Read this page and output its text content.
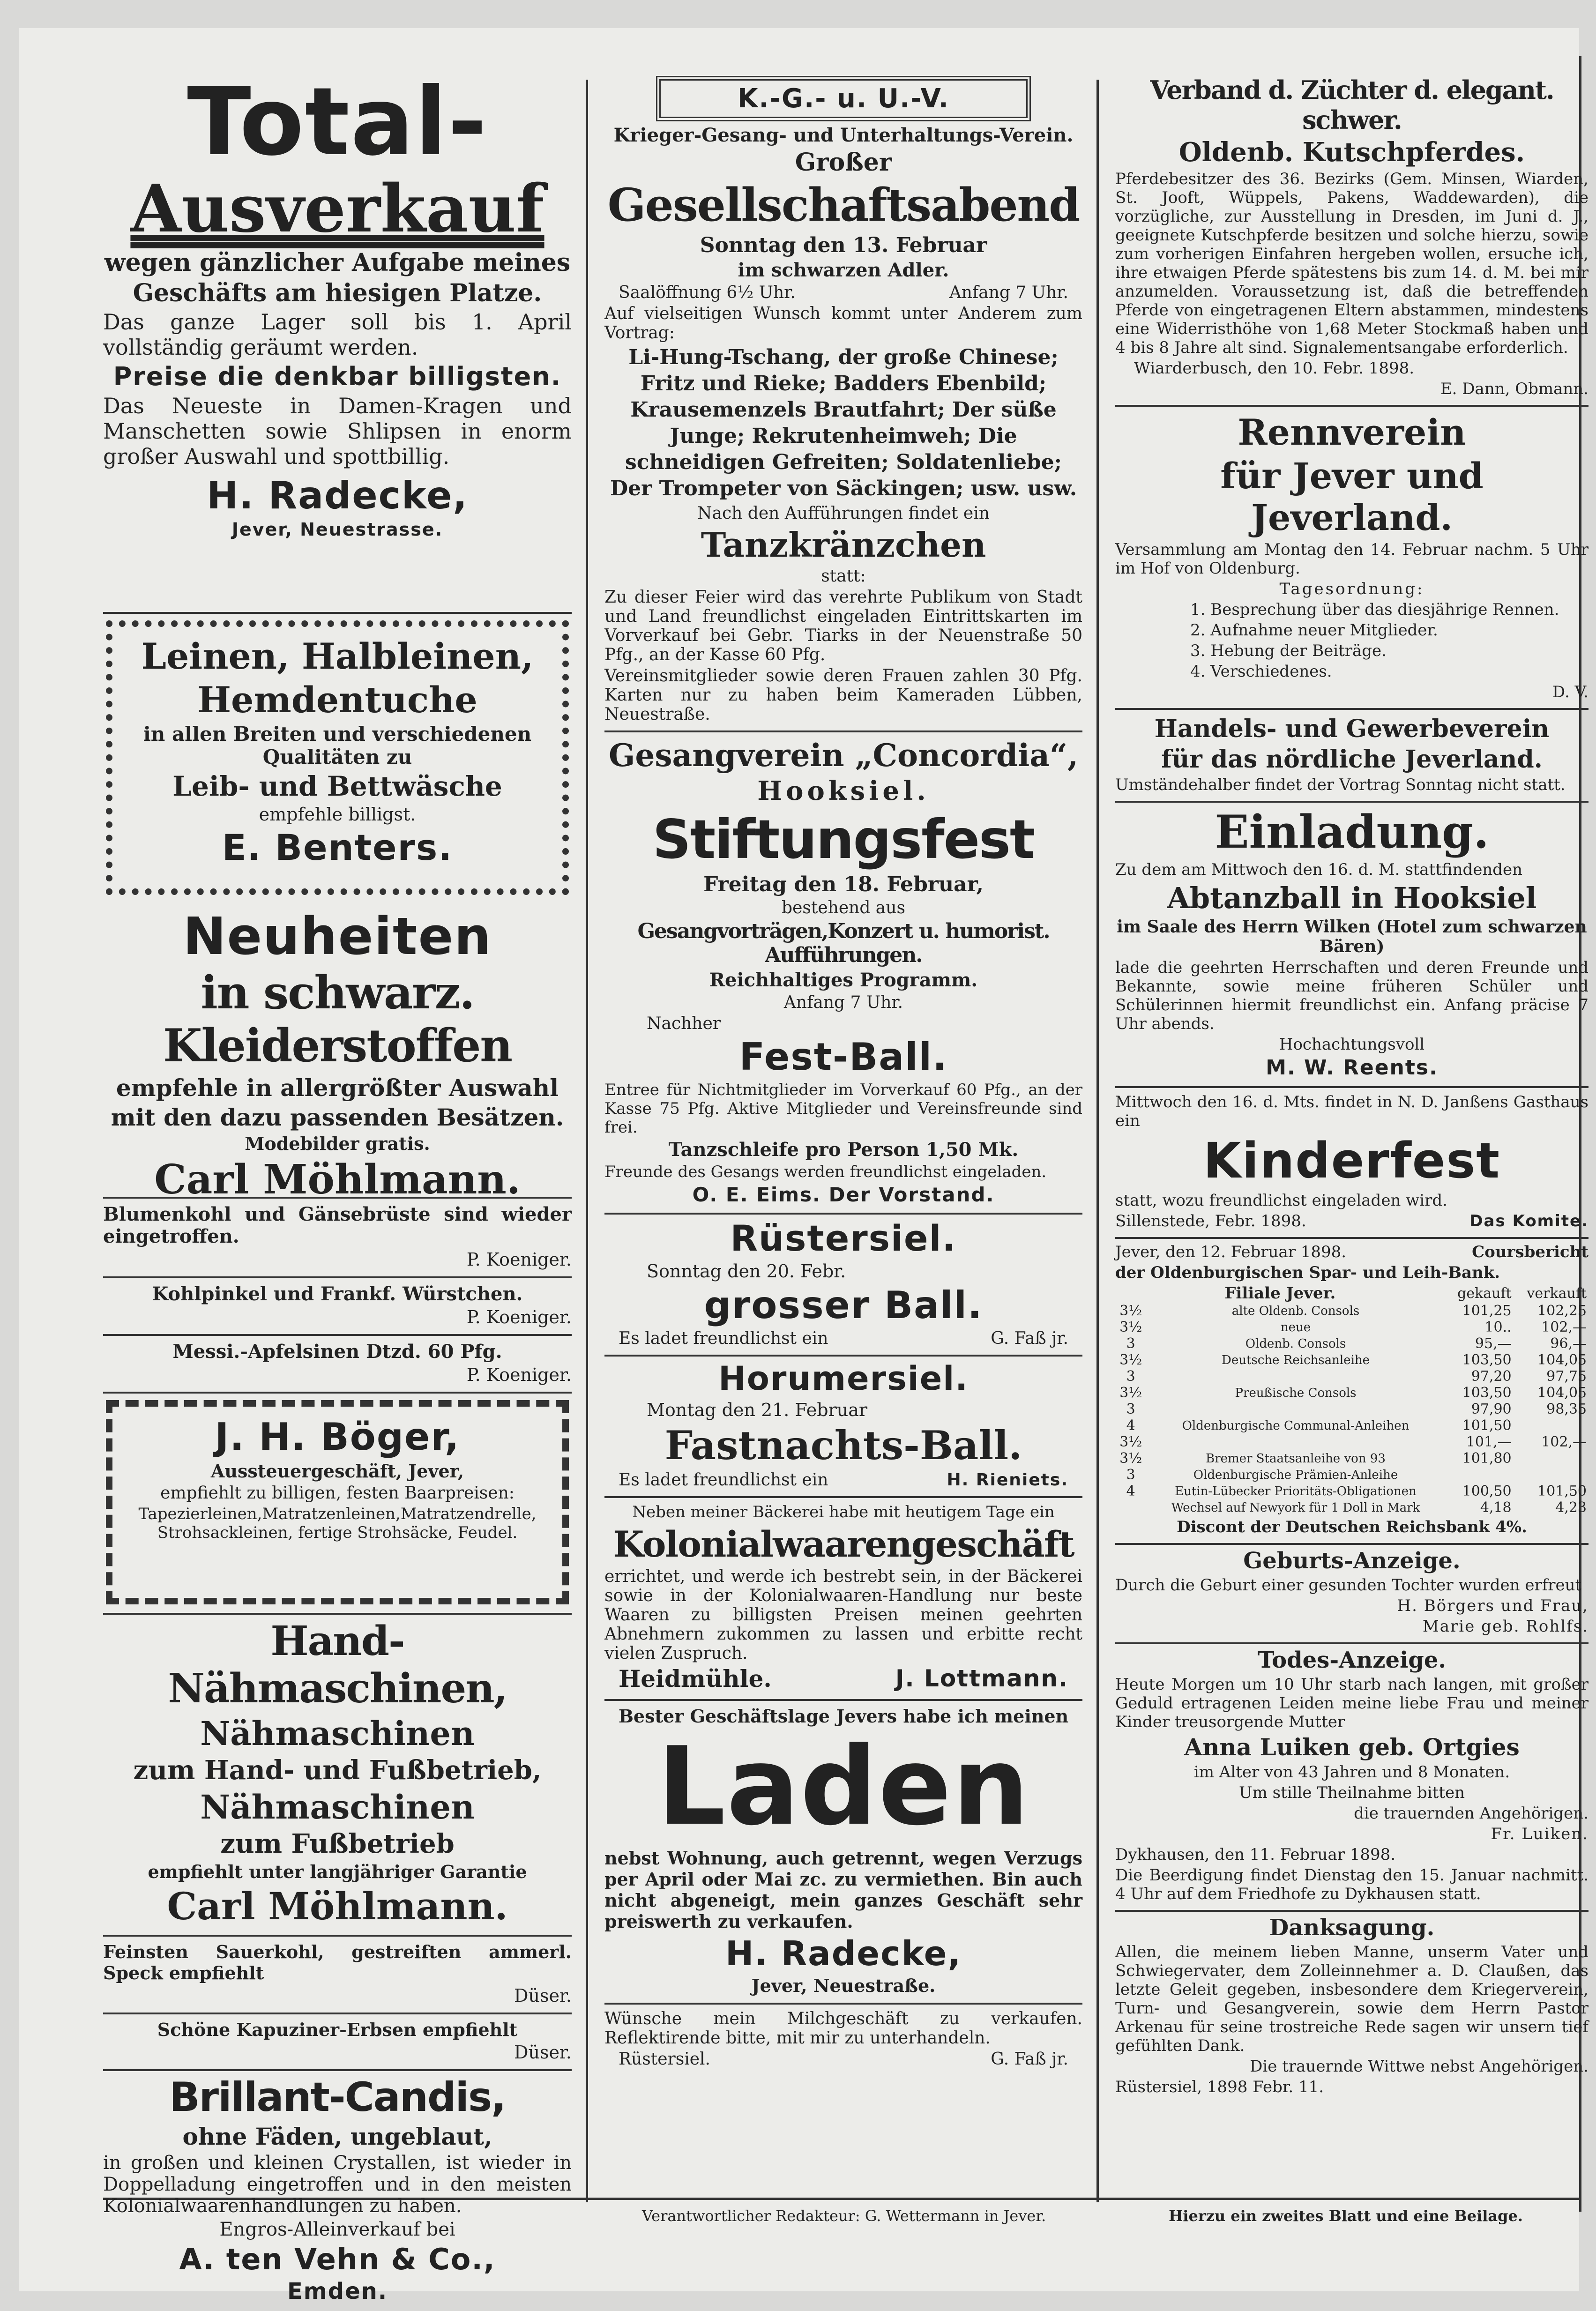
Total-
Ausverkauf

wegen gänzlicher Aufgabe meines

Geschäfts am hiesigen Platze.

Das ganze Lager soll bis 1. April vollständig geräumt werden.

Preise die denkbar billigsten.

Das Neueste in Damen-Kragen und Manschetten sowie Shlipsen in enorm großer Auswahl und spottbillig.

H. Radecke,

Jever, Neuestrasse.

Leinen, Halbleinen,

Hemdentuche

in allen Breiten und verschiedenen Qualitäten zu

Leib- und Bettwäsche

empfehle billigst.

E. Benters.

Neuheiten
in schwarz. Kleiderstoffen

empfehle in allergrößter Auswahl

mit den dazu passenden Besätzen.

Modebilder gratis.

Carl Möhlmann.

Blumenkohl und Gänsebrüste sind wieder eingetroffen.

P. Koeniger.

Kohlpinkel und Frankf. Würstchen.

P. Koeniger.

Messi.-Apfelsinen Dtzd. 60 Pfg.

P. Koeniger.

J. H. Böger,

Aussteuergeschäft, Jever,

empfiehlt zu billigen, festen Baarpreisen:

Tapezierleinen,Matratzenleinen,Matratzendrelle, Strohsackleinen, fertige Strohsäcke, Feudel.

Hand-Nähmaschinen,

Nähmaschinen

zum Hand- und Fußbetrieb,

Nähmaschinen

zum Fußbetrieb

empfiehlt unter langjähriger Garantie

Carl Möhlmann.

Feinsten Sauerkohl, gestreiften ammerl. Speck empfiehlt

Düser.

Schöne Kapuziner-Erbsen empfiehlt

Düser.

Brillant-Candis,

ohne Fäden, ungeblaut,

in großen und kleinen Crystallen, ist wieder in Doppelladung eingetroffen und in den meisten Kolonialwaarenhandlungen zu haben.

Engros-Alleinverkauf bei

A. ten Vehn & Co.,

Emden.

K.-G.- u. U.-V.

Krieger-Gesang- und Unterhaltungs-Verein.

Großer

Gesellschaftsabend

Sonntag den 13. Februar

im schwarzen Adler.

Saalöffnung 6½ Uhr.	Anfang 7 Uhr.

Auf vielseitigen Wunsch kommt unter Anderem zum Vortrag:

Li-Hung-Tschang, der große Chinese; Fritz und Rieke; Badders Ebenbild; Krausemenzels Brautfahrt; Der süße Junge; Rekrutenheimweh; Die schneidigen Gefreiten; Soldatenliebe; Der Trompeter von Säckingen; usw. usw.

Nach den Aufführungen findet ein

Tanzkränzchen

statt:

Zu dieser Feier wird das verehrte Publikum von Stadt und Land freundlichst eingeladen Eintrittskarten im Vorverkauf bei Gebr. Tiarks in der Neuenstraße 50 Pfg., an der Kasse 60 Pfg.

Vereinsmitglieder sowie deren Frauen zahlen 30 Pfg. Karten nur zu haben beim Kameraden Lübben, Neuestraße.

Gesangverein „Concordia“,

Hooksiel.

Stiftungsfest

Freitag den 18. Februar,

bestehend aus

Gesangvorträgen,Konzert u. humorist. Aufführungen.

Reichhaltiges Programm.

Anfang 7 Uhr.

Nachher

Fest-Ball.

Entree für Nichtmitglieder im Vorverkauf 60 Pfg., an der Kasse 75 Pfg. Aktive Mitglieder und Vereinsfreunde sind frei.

Tanzschleife pro Person 1,50 Mk.

Freunde des Gesangs werden freundlichst eingeladen.

O. E. Eims. Der Vorstand.

Rüstersiel.

Sonntag den 20. Febr.

grosser Ball.

Es ladet freundlichst ein	G. Faß jr.

Horumersiel.

Montag den 21. Februar

Fastnachts-Ball.

Es ladet freundlichst ein	H. Rieniets.

Neben meiner Bäckerei habe mit heutigem Tage ein

Kolonialwaarengeschäft

errichtet, und werde ich bestrebt sein, in der Bäckerei sowie in der Kolonialwaaren-Handlung nur beste Waaren zu billigsten Preisen meinen geehrten Abnehmern zukommen zu lassen und erbitte recht vielen Zuspruch.

Heidmühle.	J. Lottmann.

Bester Geschäftslage Jevers habe ich meinen

Laden

nebst Wohnung, auch getrennt, wegen Verzugs per April oder Mai zc. zu vermiethen. Bin auch nicht abgeneigt, mein ganzes Geschäft sehr preiswerth zu verkaufen.

H. Radecke,

Jever, Neuestraße.

Wünsche mein Milchgeschäft zu verkaufen. Reflektirende bitte, mit mir zu unterhandeln.

Rüstersiel.	G. Faß jr.

Verband d. Züchter d. elegant. schwer.

Oldenb. Kutschpferdes.

Pferdebesitzer des 36. Bezirks (Gem. Minsen, Wiarden, St. Jooft, Wüppels, Pakens, Waddewarden), die vorzügliche, zur Ausstellung in Dresden, im Juni d. J., geeignete Kutschpferde besitzen und solche hierzu, sowie zum vorherigen Einfahren hergeben wollen, ersuche ich, ihre etwaigen Pferde spätestens bis zum 14. d. M. bei mir anzumelden. Voraussetzung ist, daß die betreffenden Pferde von eingetragenen Eltern abstammen, mindestens eine Widerristhöhe von 1,68 Meter Stockmaß haben und 4 bis 8 Jahre alt sind. Signalementsangabe erforderlich.

Wiarderbusch, den 10. Febr. 1898.

E. Dann, Obmann.

Rennverein

für Jever und Jeverland.

Versammlung am Montag den 14. Februar nachm. 5 Uhr im Hof von Oldenburg.

Tagesordnung:

1. Besprechung über das diesjährige Rennen.

2. Aufnahme neuer Mitglieder.

3. Hebung der Beiträge.

4. Verschiedenes.

D. V.

Handels- und Gewerbeverein

für das nördliche Jeverland.

Umständehalber findet der Vortrag Sonntag nicht statt.

Einladung.

Zu dem am Mittwoch den 16. d. M. stattfindenden

Abtanzball in Hooksiel

im Saale des Herrn Wilken (Hotel zum schwarzen Bären)

lade die geehrten Herrschaften und deren Freunde und Bekannte, sowie meine früheren Schüler und Schülerinnen hiermit freundlichst ein. Anfang präcise 7 Uhr abends.

Hochachtungsvoll

M. W. Reents.

Mittwoch den 16. d. Mts. findet in N. D. Janßens Gasthaus ein

Kinderfest

statt, wozu freundlichst eingeladen wird.

Sillenstede, Febr. 1898.	Das Komite.

Jever, den 12. Februar 1898.	Coursbericht

der Oldenburgischen Spar- und Leih-Bank.

Filiale Jever.		gekauft	verkauft
3½	alte Oldenb. Consols	101,25	102,25
3½	neue	10..	102,—
3	Oldenb. Consols	95,—	96,—
3½	Deutsche Reichsanleihe	103,50	104,05
3		97,20	97,75
3½	Preußische Consols	103,50	104,05
3		97,90	98,35
4	Oldenburgische Communal-Anleihen	101,50	
3½		101,—	102,—
3½	Bremer Staatsanleihe von 93	101,80	
3	Oldenburgische Prämien-Anleihe		
4	Eutin-Lübecker Prioritäts-Obligationen	100,50	101,50
	Wechsel auf Newyork für 1 Doll in Mark	4,18	4,23

Discont der Deutschen Reichsbank 4%.

Geburts-Anzeige.

Durch die Geburt einer gesunden Tochter wurden erfreut

H. Börgers und Frau,

Marie geb. Rohlfs.

Todes-Anzeige.

Heute Morgen um 10 Uhr starb nach langen, mit großer Geduld ertragenen Leiden meine liebe Frau und meiner Kinder treusorgende Mutter

Anna Luiken geb. Ortgies

im Alter von 43 Jahren und 8 Monaten.

Um stille Theilnahme bitten

die trauernden Angehörigen.

Fr. Luiken.

Dykhausen, den 11. Februar 1898.

Die Beerdigung findet Dienstag den 15. Januar nachmitt. 4 Uhr auf dem Friedhofe zu Dykhausen statt.

Danksagung.

Allen, die meinem lieben Manne, unserm Vater und Schwiegervater, dem Zolleinnehmer a. D. Claußen, das letzte Geleit gegeben, insbesondere dem Kriegerverein, Turn- und Gesangverein, sowie dem Herrn Pastor Arkenau für seine trostreiche Rede sagen wir unsern tief gefühlten Dank.

Die trauernde Wittwe nebst Angehörigen.

Rüstersiel, 1898 Febr. 11.

Verantwortlicher Redakteur: G. Wettermann in Jever.	Hierzu ein zweites Blatt und eine Beilage.
